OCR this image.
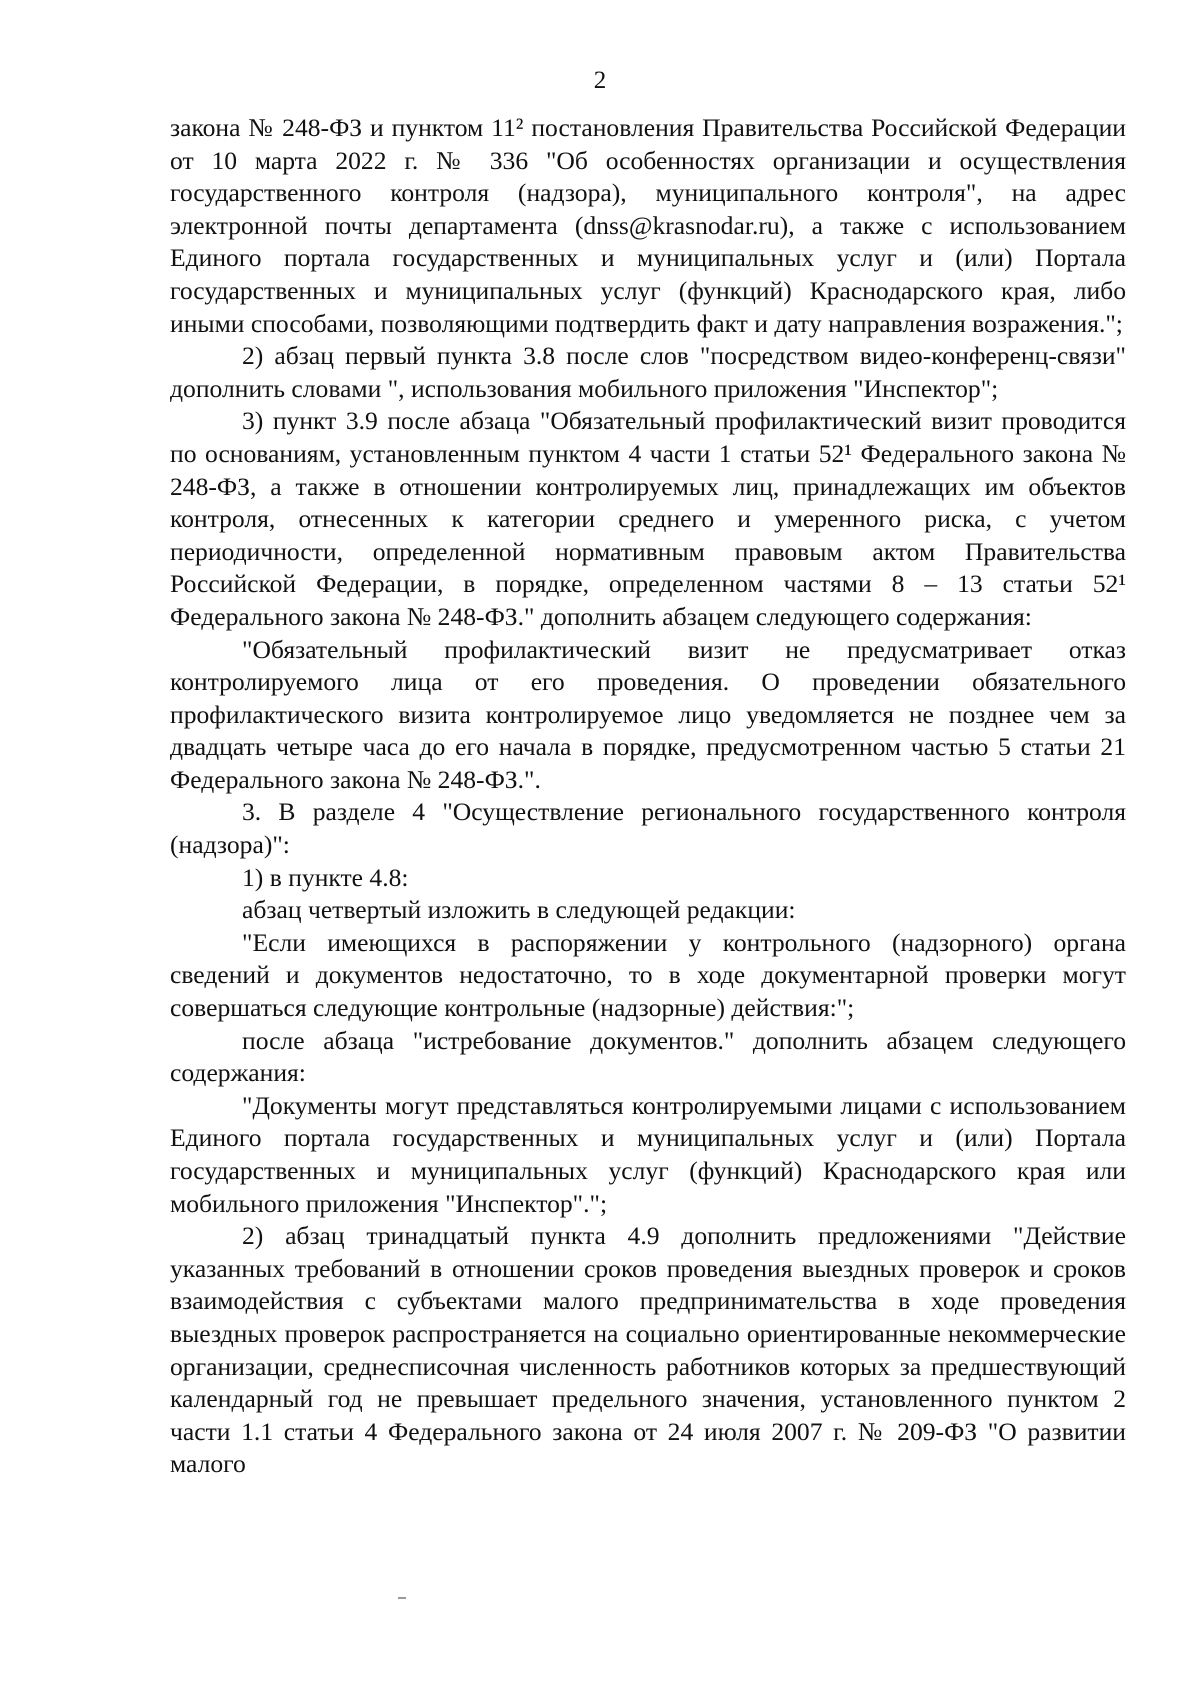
2

закона № 248-ФЗ и пунктом 11² постановления Правительства Российской Федерации от 10 марта 2022 г. № 336 "Об особенностях организации и осуществления государственного контроля (надзора), муниципального контроля", на адрес электронной почты департамента (dnss@krasnodar.ru), а также с использованием Единого портала государственных и муниципальных услуг и (или) Портала государственных и муниципальных услуг (функций) Краснодарского края, либо иными способами, позволяющими подтвердить факт и дату направления возражения.";

2) абзац первый пункта 3.8 после слов "посредством видео-конференц-связи" дополнить словами ", использования мобильного приложения "Инспектор";

3) пункт 3.9 после абзаца "Обязательный профилактический визит проводится по основаниям, установленным пунктом 4 части 1 статьи 52¹ Федерального закона № 248-ФЗ, а также в отношении контролируемых лиц, принадлежащих им объектов контроля, отнесенных к категории среднего и умеренного риска, с учетом периодичности, определенной нормативным правовым актом Правительства Российской Федерации, в порядке, определенном частями 8 – 13 статьи 52¹ Федерального закона № 248-ФЗ." дополнить абзацем следующего содержания:

"Обязательный профилактический визит не предусматривает отказ контролируемого лица от его проведения. О проведении обязательного профилактического визита контролируемое лицо уведомляется не позднее чем за двадцать четыре часа до его начала в порядке, предусмотренном частью 5 статьи 21 Федерального закона № 248-ФЗ.".

3. В разделе 4 "Осуществление регионального государственного контроля (надзора)":

1) в пункте 4.8:

абзац четвертый изложить в следующей редакции:

"Если имеющихся в распоряжении у контрольного (надзорного) органа сведений и документов недостаточно, то в ходе документарной проверки могут совершаться следующие контрольные (надзорные) действия:";

после абзаца "истребование документов." дополнить абзацем следующего содержания:

"Документы могут представляться контролируемыми лицами с использованием Единого портала государственных и муниципальных услуг и (или) Портала государственных и муниципальных услуг (функций) Краснодарского края или мобильного приложения "Инспектор".";

2) абзац тринадцатый пункта 4.9 дополнить предложениями "Действие указанных требований в отношении сроков проведения выездных проверок и сроков взаимодействия с субъектами малого предпринимательства в ходе проведения выездных проверок распространяется на социально ориентированные некоммерческие организации, среднесписочная численность работников которых за предшествующий календарный год не превышает предельного значения, установленного пунктом 2 части 1.1 статьи 4 Федерального закона от 24 июля 2007 г. № 209-ФЗ "О развитии малого
